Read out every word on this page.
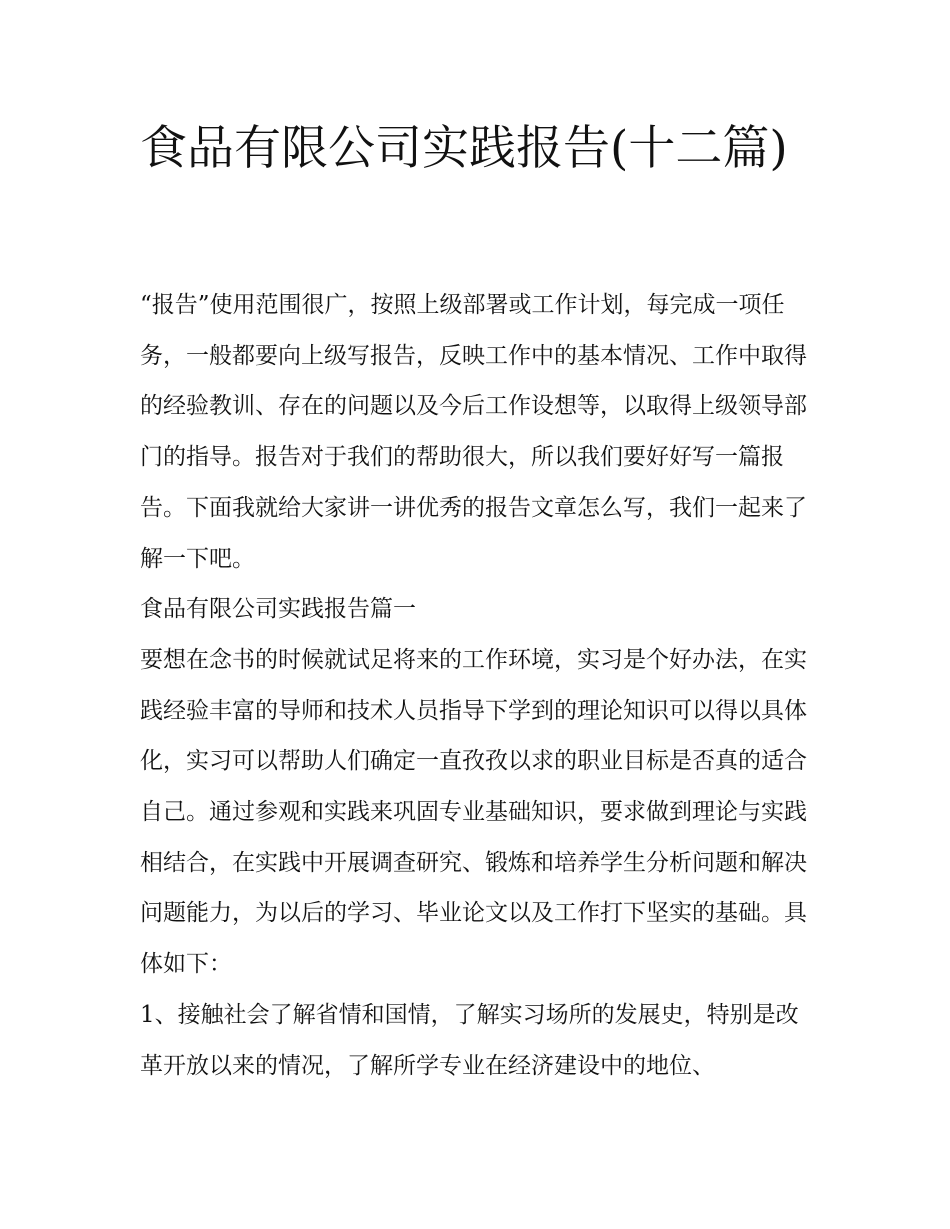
食品有限公司实践报告(十二篇)

“报告”使用范围很广，按照上级部署或工作计划，每完成一项任务，一般都要向上级写报告，反映工作中的基本情况、工作中取得的经验教训、存在的问题以及今后工作设想等，以取得上级领导部门的指导。报告对于我们的帮助很大，所以我们要好好写一篇报告。下面我就给大家讲一讲优秀的报告文章怎么写，我们一起来了解一下吧。

食品有限公司实践报告篇一

要想在念书的时候就试足将来的工作环境，实习是个好办法，在实践经验丰富的导师和技术人员指导下学到的理论知识可以得以具体化，实习可以帮助人们确定一直孜孜以求的职业目标是否真的适合自己。通过参观和实践来巩固专业基础知识，要求做到理论与实践相结合，在实践中开展调查研究、锻炼和培养学生分析问题和解决问题能力，为以后的学习、毕业论文以及工作打下坚实的基础。具体如下：

1、接触社会了解省情和国情，了解实习场所的发展史，特别是改革开放以来的情况，了解所学专业在经济建设中的地位、
